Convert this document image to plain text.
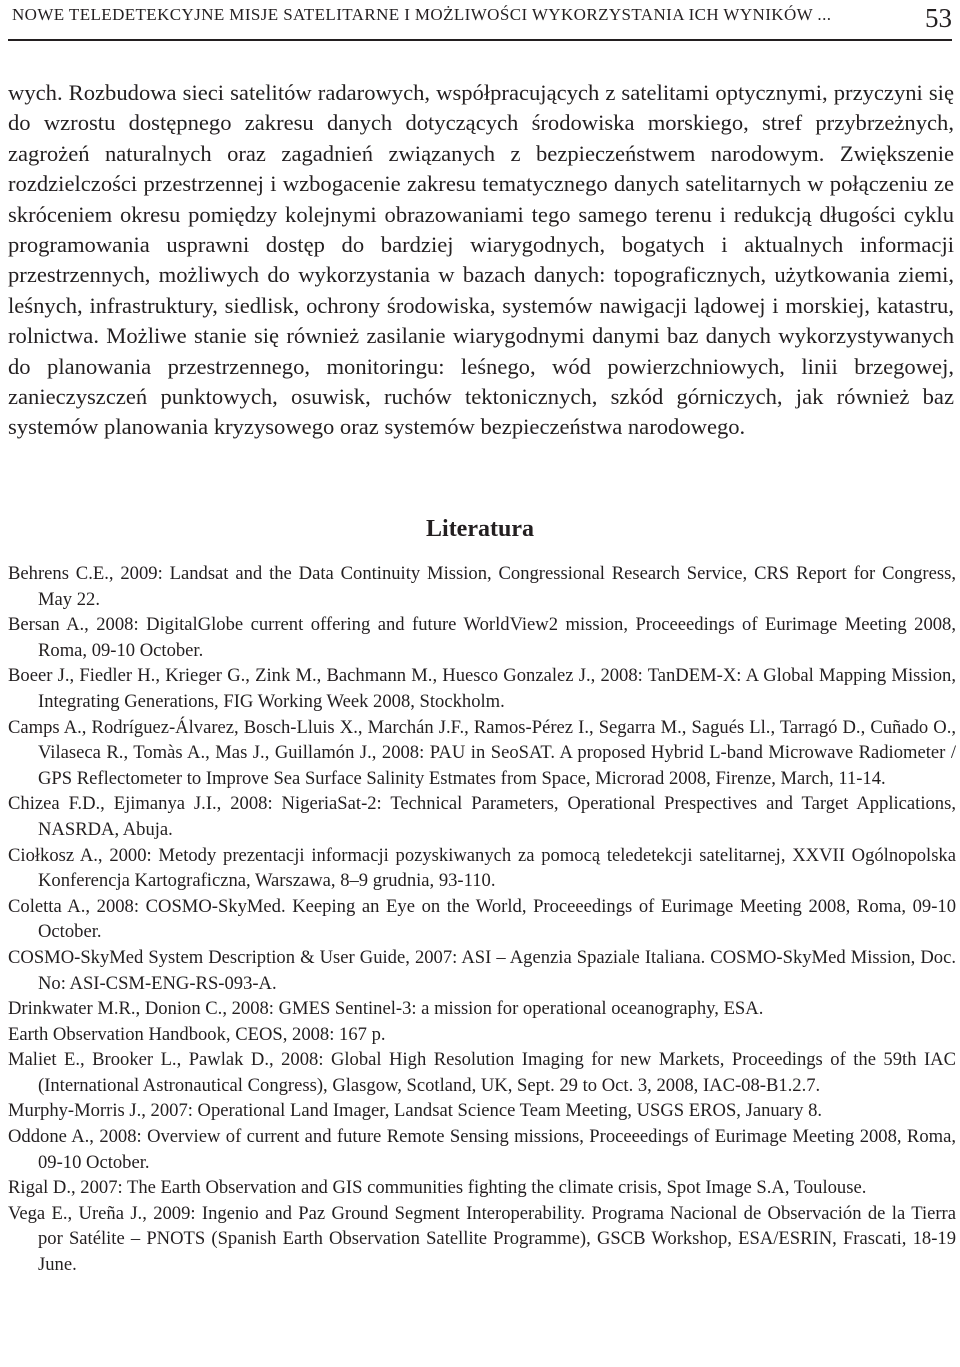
NOWE TELEDETEKCYJNE MISJE SATELITARNE I MOŻLIWOŚCI WYKORZYSTANIA ICH WYNIKÓW ...	53

wych. Rozbudowa sieci satelitów radarowych, współpracujących z satelitami optycznymi, przyczyni się do wzrostu dostępnego zakresu danych dotyczących środowiska morskiego, stref przybrzeżnych, zagrożeń naturalnych oraz zagadnień związanych z bezpieczeństwem narodowym. Zwiększenie rozdzielczości przestrzennej i wzbogacenie zakresu tematycznego danych satelitarnych w połączeniu ze skróceniem okresu pomiędzy kolejnymi obrazowaniami tego samego terenu i redukcją długości cyklu programowania usprawni dostęp do bardziej wiarygodnych, bogatych i aktualnych informacji przestrzennych, możliwych do wykorzystania w bazach danych: topograficznych, użytkowania ziemi, leśnych, infrastruktury, siedlisk, ochrony środowiska, systemów nawigacji lądowej i morskiej, katastru, rolnictwa. Możliwe stanie się również zasilanie wiarygodnymi danymi baz danych wykorzystywanych do planowania przestrzennego, monitoringu: leśnego, wód powierzchniowych, linii brzegowej, zanieczyszczeń punktowych, osuwisk, ruchów tektonicznych, szkód górniczych, jak również baz systemów planowania kryzysowego oraz systemów bezpieczeństwa narodowego.

Literatura
Behrens C.E., 2009: Landsat and the Data Continuity Mission, Congressional Research Service, CRS Report for Congress, May 22.
Bersan A., 2008: DigitalGlobe current offering and future WorldView2 mission, Proceeedings of Eurimage Meeting 2008, Roma, 09-10 October.
Boeer J., Fiedler H., Krieger G., Zink M., Bachmann M., Huesco Gonzalez J., 2008: TanDEM-X: A Global Mapping Mission, Integrating Generations, FIG Working Week 2008, Stockholm.
Camps A., Rodríguez-Álvarez, Bosch-Lluis X., Marchán J.F., Ramos-Pérez I., Segarra M., Sagués Ll., Tarragó D., Cuñado O., Vilaseca R., Tomàs A., Mas J., Guillamón J., 2008: PAU in SeoSAT. A proposed Hybrid L-band Microwave Radiometer / GPS Reflectometer to Improve Sea Surface Salinity Estmates from Space, Microrad 2008, Firenze, March, 11-14.
Chizea F.D., Ejimanya J.I., 2008: NigeriaSat-2: Technical Parameters, Operational Prespectives and Target Applications, NASRDA, Abuja.
Ciołkosz A., 2000: Metody prezentacji informacji pozyskiwanych za pomocą teledetekcji satelitarnej, XXVII Ogólnopolska Konferencja Kartograficzna, Warszawa, 8–9 grudnia, 93-110.
Coletta A., 2008: COSMO-SkyMed. Keeping an Eye on the World, Proceeedings of Eurimage Meeting 2008, Roma, 09-10 October.
COSMO-SkyMed System Description & User Guide, 2007: ASI – Agenzia Spaziale Italiana. COSMO-SkyMed Mission, Doc. No: ASI-CSM-ENG-RS-093-A.
Drinkwater M.R., Donion C., 2008: GMES Sentinel-3: a mission for operational oceanography, ESA.
Earth Observation Handbook, CEOS, 2008: 167 p.
Maliet E., Brooker L., Pawlak D., 2008: Global High Resolution Imaging for new Markets, Proceedings of the 59th IAC (International Astronautical Congress), Glasgow, Scotland, UK, Sept. 29 to Oct. 3, 2008, IAC-08-B1.2.7.
Murphy-Morris J., 2007: Operational Land Imager, Landsat Science Team Meeting, USGS EROS, January 8.
Oddone A., 2008: Overview of current and future Remote Sensing missions, Proceeedings of Eurimage Meeting 2008, Roma, 09-10 October.
Rigal D., 2007: The Earth Observation and GIS communities fighting the climate crisis, Spot Image S.A, Toulouse.
Vega E., Ureña J., 2009: Ingenio and Paz Ground Segment Interoperability. Programa Nacional de Observación de la Tierra por Satélite – PNOTS (Spanish Earth Observation Satellite Programme), GSCB Workshop, ESA/ESRIN, Frascati, 18-19 June.
